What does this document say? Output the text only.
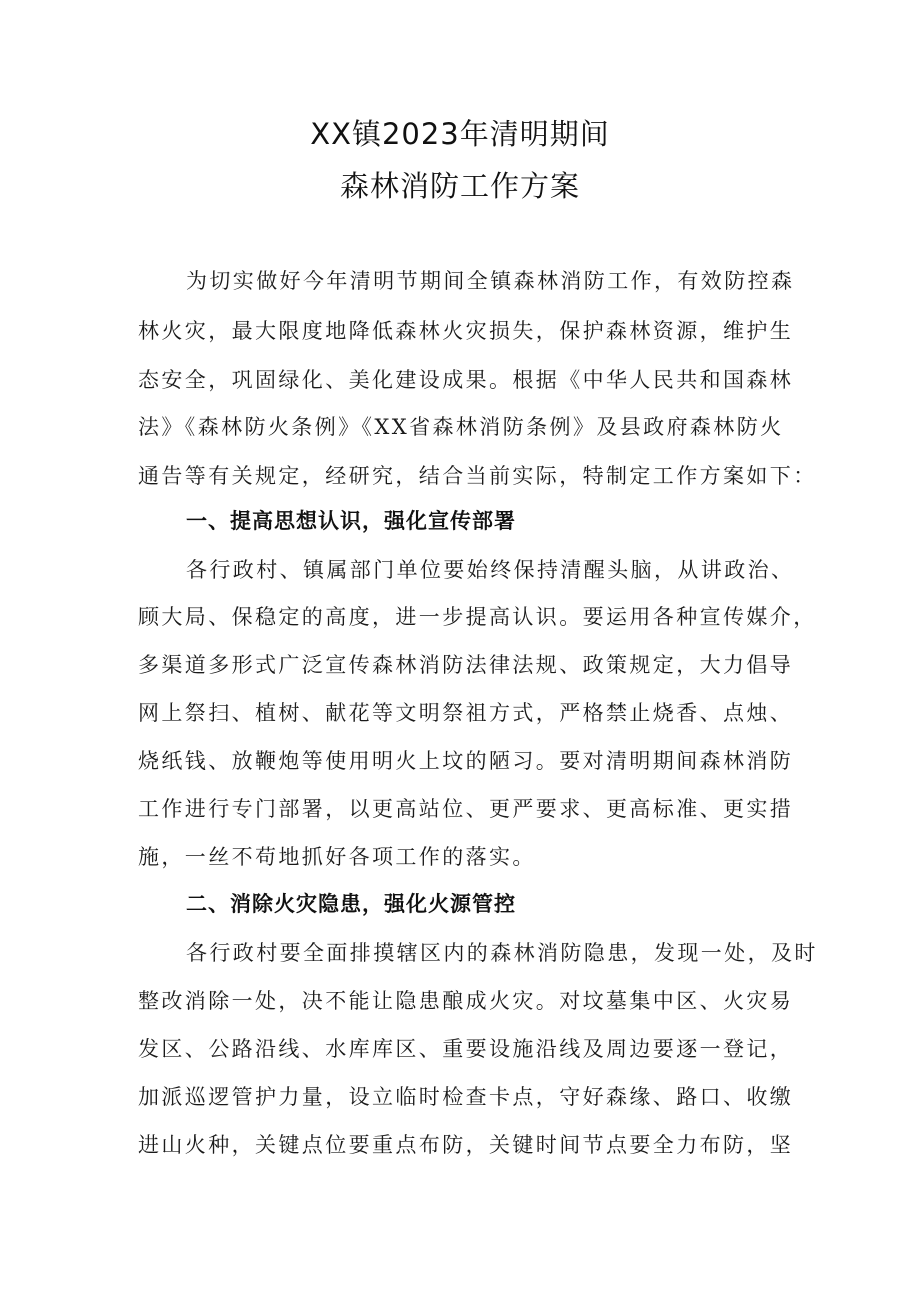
XX镇2023年清明期间
森林消防工作方案
为切实做好今年清明节期间全镇森林消防工作，有效防控森
林火灾，最大限度地降低森林火灾损失，保护森林资源，维护生
态安全，巩固绿化、美化建设成果。根据《中华人民共和国森林
法》《森林防火条例》《XX省森林消防条例》及县政府森林防火
通告等有关规定，经研究，结合当前实际，特制定工作方案如下：
一、提高思想认识，强化宣传部署
各行政村、镇属部门单位要始终保持清醒头脑，从讲政治、
顾大局、保稳定的高度，进一步提高认识。要运用各种宣传媒介，
多渠道多形式广泛宣传森林消防法律法规、政策规定，大力倡导
网上祭扫、植树、献花等文明祭祖方式，严格禁止烧香、点烛、
烧纸钱、放鞭炮等使用明火上坟的陋习。要对清明期间森林消防
工作进行专门部署，以更高站位、更严要求、更高标准、更实措
施，一丝不苟地抓好各项工作的落实。
二、消除火灾隐患，强化火源管控
各行政村要全面排摸辖区内的森林消防隐患，发现一处，及时
整改消除一处，决不能让隐患酿成火灾。对坟墓集中区、火灾易
发区、公路沿线、水库库区、重要设施沿线及周边要逐一登记，
加派巡逻管护力量，设立临时检查卡点，守好森缘、路口、收缴
进山火种，关键点位要重点布防，关键时间节点要全力布防，坚
